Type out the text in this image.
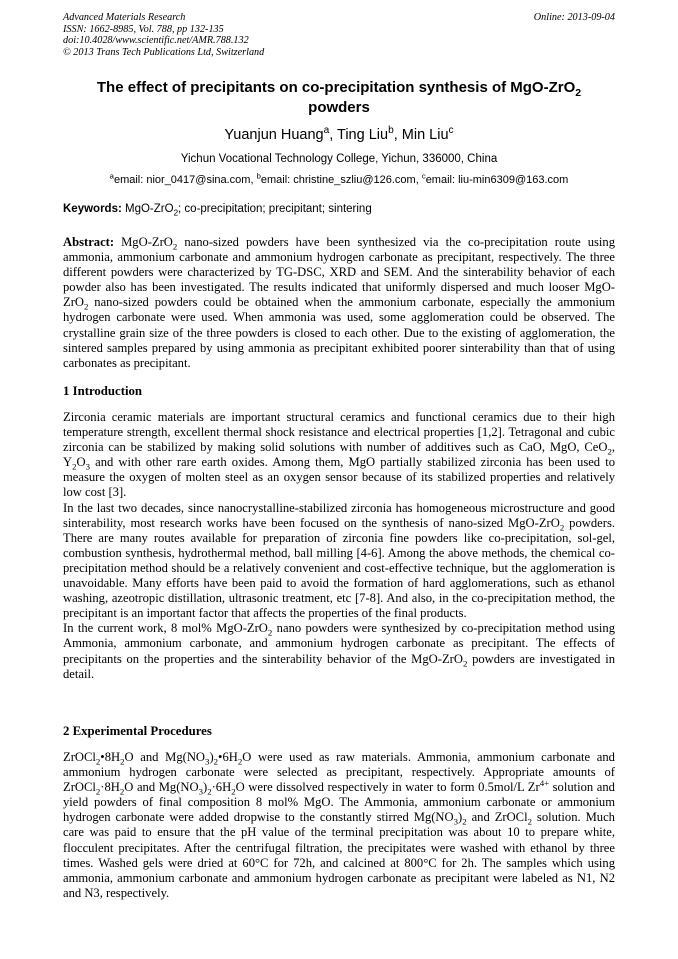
Advanced Materials Research
ISSN: 1662-8985, Vol. 788, pp 132-135
doi:10.4028/www.scientific.net/AMR.788.132
© 2013 Trans Tech Publications Ltd, Switzerland
Online: 2013-09-04
The effect of precipitants on co-precipitation synthesis of MgO-ZrO$_2$
powders
Yuanjun Huang$^a$, Ting Liu$^b$, Min Liu$^c$
Yichun Vocational Technology College, Yichun, 336000, China
$^a$email: nior_0417@sina.com, $^b$email: christine_szliu@126.com, $^c$email: liu-min6309@163.com
Keywords: MgO-ZrO$_2$; co-precipitation; precipitant; sintering

Abstract: MgO-ZrO$_2$ nano-sized powders have been synthesized via the co-precipitation route using ammonia, ammonium carbonate and ammonium hydrogen carbonate as precipitant, respectively. The three different powders were characterized by TG-DSC, XRD and SEM. And the sinterability behavior of each powder also has been investigated. The results indicated that uniformly dispersed and much looser MgO-ZrO$_2$ nano-sized powders could be obtained when the ammonium carbonate, especially the ammonium hydrogen carbonate were used. When ammonia was used, some agglomeration could be observed. The crystalline grain size of the three powders is closed to each other. Due to the existing of agglomeration, the sintered samples prepared by using ammonia as precipitant exhibited poorer sinterability than that of using carbonates as precipitant.

1 Introduction

Zirconia ceramic materials are important structural ceramics and functional ceramics due to their high temperature strength, excellent thermal shock resistance and electrical properties [1,2]. Tetragonal and cubic zirconia can be stabilized by making solid solutions with number of additives such as CaO, MgO, CeO$_2$, $Y_2O_3$ and with other rare earth oxides. Among them, MgO partially stabilized zirconia has been used to measure the oxygen of molten steel as an oxygen sensor because of its stabilized properties and relatively low cost [3].

In the last two decades, since nanocrystalline-stabilized zirconia has homogeneous microstructure and good sinterability, most research works have been focused on the synthesis of nano-sized MgO-ZrO$_2$ powders. There are many routes available for preparation of zirconia fine powders like co-precipitation, sol-gel, combustion synthesis, hydrothermal method, ball milling [4-6]. Among the above methods, the chemical co-precipitation method should be a relatively convenient and cost-effective technique, but the agglomeration is unavoidable. Many efforts have been paid to avoid the formation of hard agglomerations, such as ethanol washing, azeotropic distillation, ultrasonic treatment, etc [7-8]. And also, in the co-precipitation method, the precipitant is an important factor that affects the properties of the final products.

In the current work, 8 mol% MgO-ZrO$_2$ nano powders were synthesized by co-precipitation method using Ammonia, ammonium carbonate, and ammonium hydrogen carbonate as precipitant. The effects of precipitants on the properties and the sinterability behavior of the MgO-ZrO$_2$ powders are investigated in detail.

2 Experimental Procedures

$ZrOCl_2•8H_2O$ and $Mg(NO_3)_2•6H_2O$ were used as raw materials. Ammonia, ammonium carbonate and ammonium hydrogen carbonate were selected as precipitant, respectively. Appropriate amounts of $ZrOCl_2\cdot 8H_2O$ and $Mg(NO_3)_2\cdot 6H_2O$ were dissolved respectively in water to form 0.5mol/L $Zr^{4+}$ solution and yield powders of final composition 8 mol% MgO. The Ammonia, ammonium carbonate or ammonium hydrogen carbonate were added dropwise to the constantly stirred $Mg(NO_3)_2$ and ZrOCl$_2$ solution. Much care was paid to ensure that the pH value of the terminal precipitation was about 10 to prepare white, flocculent precipitates. After the centrifugal filtration, the precipitates were washed with ethanol by three times. Washed gels were dried at 60°C for 72h, and calcined at 800°C for 2h. The samples which using ammonia, ammonium carbonate and ammonium hydrogen carbonate as precipitant were labeled as N1, N2 and N3, respectively.
